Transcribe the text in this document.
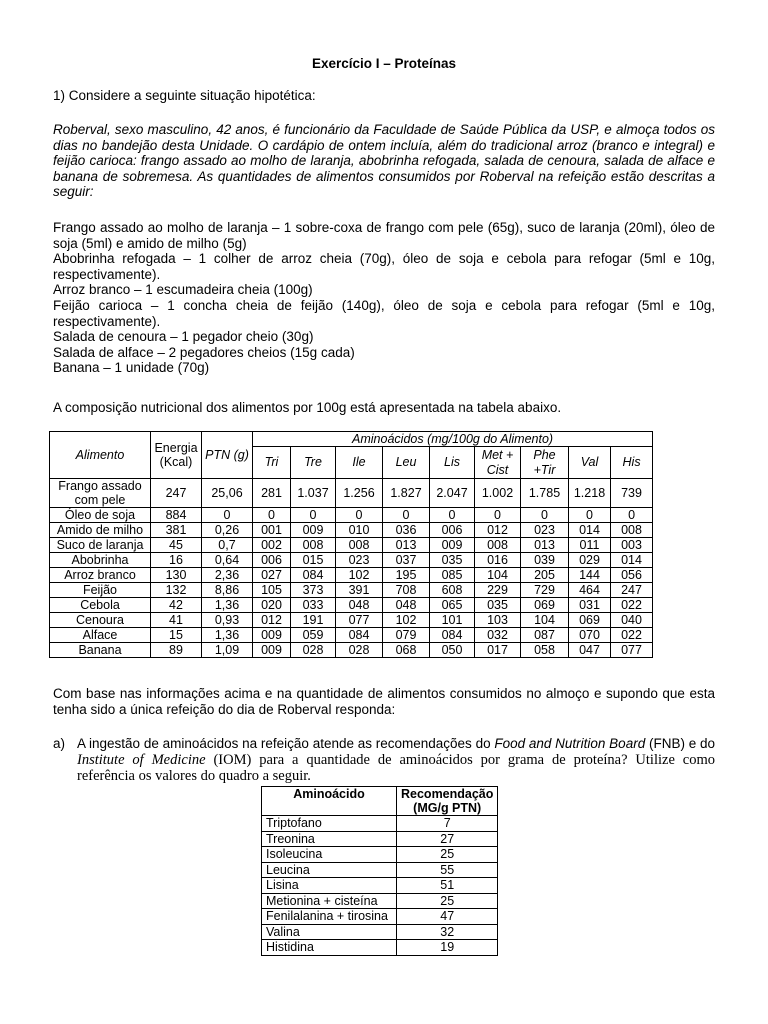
Exercício I – Proteínas
1) Considere a seguinte situação hipotética:
Roberval, sexo masculino, 42 anos, é funcionário da Faculdade de Saúde Pública da USP, e almoça todos os dias no bandejão desta Unidade. O cardápio de ontem incluía, além do tradicional arroz (branco e integral) e feijão carioca: frango assado ao molho de laranja, abobrinha refogada, salada de cenoura, salada de alface e banana de sobremesa. As quantidades de alimentos consumidos por Roberval na refeição estão descritas a seguir:
Frango assado ao molho de laranja – 1 sobre-coxa de frango com pele (65g), suco de laranja (20ml), óleo de soja (5ml) e amido de milho (5g)
Abobrinha refogada – 1 colher de arroz cheia (70g), óleo de soja e cebola para refogar (5ml e 10g, respectivamente).
Arroz branco – 1 escumadeira cheia (100g)
Feijão carioca – 1 concha cheia de feijão (140g), óleo de soja e cebola para refogar (5ml e 10g, respectivamente).
Salada de cenoura – 1 pegador cheio (30g)
Salada de alface – 2 pegadores cheios (15g cada)
Banana – 1 unidade (70g)
A composição nutricional dos alimentos por 100g está apresentada na tabela abaixo.
Alimento	Energia (Kcal)	PTN (g)	Aminoácidos (mg/100g do Alimento)								
			Tri	Tre	Ile	Leu	Lis	Met + Cist	Phe +Tir	Val	His
Frango assado com pele	247	25,06	281	1.037	1.256	1.827	2.047	1.002	1.785	1.218	739
Óleo de soja	884	0	0	0	0	0	0	0	0	0	0
Amido de milho	381	0,26	001	009	010	036	006	012	023	014	008
Suco de laranja	45	0,7	002	008	008	013	009	008	013	011	003
Abobrinha	16	0,64	006	015	023	037	035	016	039	029	014
Arroz branco	130	2,36	027	084	102	195	085	104	205	144	056
Feijão	132	8,86	105	373	391	708	608	229	729	464	247
Cebola	42	1,36	020	033	048	048	065	035	069	031	022
Cenoura	41	0,93	012	191	077	102	101	103	104	069	040
Alface	15	1,36	009	059	084	079	084	032	087	070	022
Banana	89	1,09	009	028	028	068	050	017	058	047	077
Com base nas informações acima e na quantidade de alimentos consumidos no almoço e supondo que esta tenha sido a única refeição do dia de Roberval responda:
a) A ingestão de aminoácidos na refeição atende as recomendações do Food and Nutrition Board (FNB) e do Institute of Medicine (IOM) para a quantidade de aminoácidos por grama de proteína? Utilize como referência os valores do quadro a seguir.
Aminoácido	Recomendação (MG/g PTN)
Triptofano	7
Treonina	27
Isoleucina	25
Leucina	55
Lisina	51
Metionina + cisteína	25
Fenilalanina + tirosina	47
Valina	32
Histidina	19
